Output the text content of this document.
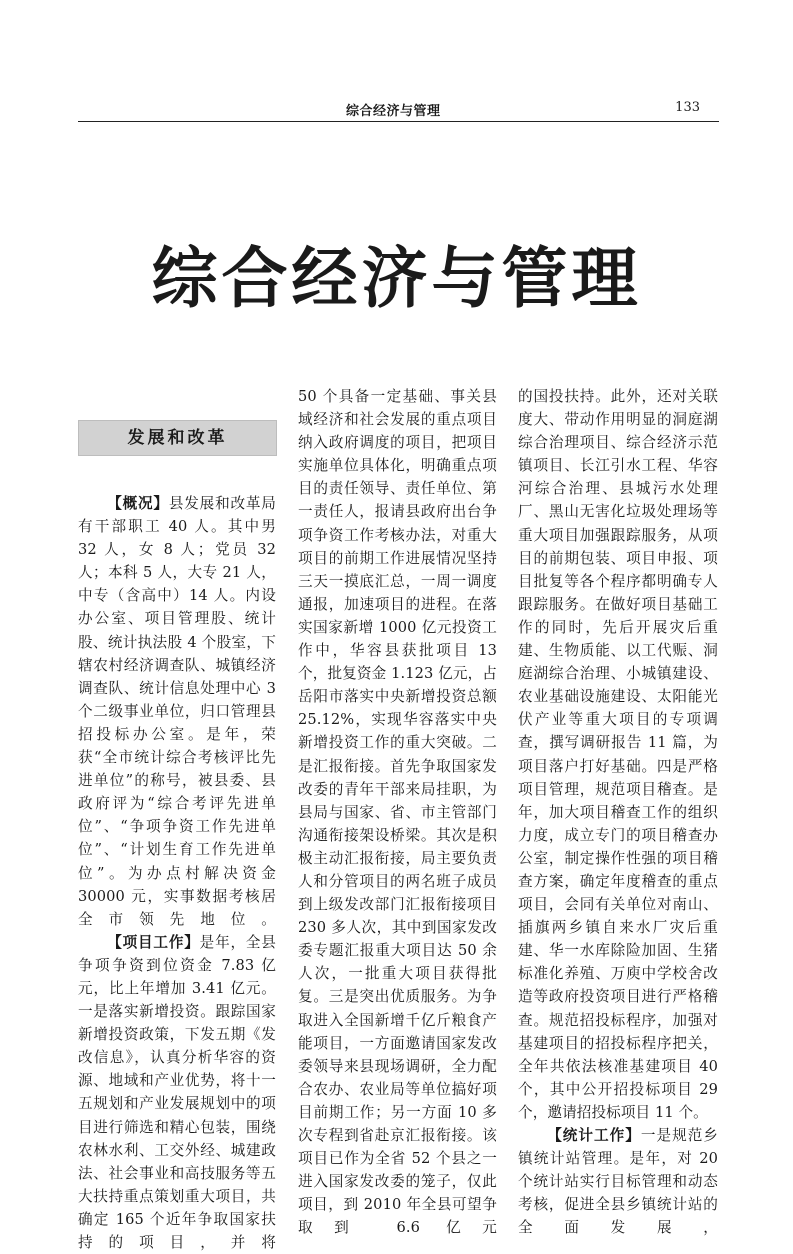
综合经济与管理	133
综合经济与管理
发展和改革

【概况】县发展和改革局有干部职工 40 人。其中男 32 人，女 8 人；党员 32 人；本科 5 人，大专 21 人，中专（含高中）14 人。内设办公室、项目管理股、统计股、统计执法股 4 个股室，下辖农村经济调查队、城镇经济调查队、统计信息处理中心 3 个二级事业单位，归口管理县招投标办公室。是年，荣获“全市统计综合考核评比先进单位”的称号，被县委、县政府评为“综合考评先进单位”、“争项争资工作先进单位”、“计划生育工作先进单位”。为办点村解决资金 30000 元，实事数据考核居全市领先地位。

【项目工作】是年，全县争项争资到位资金 7.83 亿元，比上年增加 3.41 亿元。一是落实新增投资。跟踪国家新增投资政策，下发五期《发改信息》，认真分析华容的资源、地域和产业优势，将十一五规划和产业发展规划中的项目进行筛选和精心包装，围绕农林水利、工交外经、城建政法、社会事业和高技服务等五大扶持重点策划重大项目，共确定 165 个近年争取国家扶持的项目，并将

50 个具备一定基础、事关县域经济和社会发展的重点项目纳入政府调度的项目，把项目实施单位具体化，明确重点项目的责任领导、责任单位、第一责任人，报请县政府出台争项争资工作考核办法，对重大项目的前期工作进展情况坚持三天一摸底汇总，一周一调度通报，加速项目的进程。在落实国家新增 1000 亿元投资工作中，华容县获批项目 13 个，批复资金 1.123 亿元，占岳阳市落实中央新增投资总额 25.12%，实现华容落实中央新增投资工作的重大突破。二是汇报衔接。首先争取国家发改委的青年干部来局挂职，为县局与国家、省、市主管部门沟通衔接架设桥梁。其次是积极主动汇报衔接，局主要负责人和分管项目的两名班子成员到上级发改部门汇报衔接项目 230 多人次，其中到国家发改委专题汇报重大项目达 50 余人次，一批重大项目获得批复。三是突出优质服务。为争取进入全国新增千亿斤粮食产能项目，一方面邀请国家发改委领导来县现场调研，全力配合农办、农业局等单位搞好项目前期工作；另一方面 10 多次专程到省赴京汇报衔接。该项目已作为全省 52 个县之一进入国家发改委的笼子，仅此项目，到 2010 年全县可望争取到 6.6 亿元

的国投扶持。此外，还对关联度大、带动作用明显的洞庭湖综合治理项目、综合经济示范镇项目、长江引水工程、华容河综合治理、县城污水处理厂、黑山无害化垃圾处理场等重大项目加强跟踪服务，从项目的前期包装、项目申报、项目批复等各个程序都明确专人跟踪服务。在做好项目基础工作的同时，先后开展灾后重建、生物质能、以工代赈、洞庭湖综合治理、小城镇建设、农业基础设施建设、太阳能光伏产业等重大项目的专项调查，撰写调研报告 11 篇，为项目落户打好基础。四是严格项目管理，规范项目稽查。是年，加大项目稽查工作的组织力度，成立专门的项目稽查办公室，制定操作性强的项目稽查方案，确定年度稽查的重点项目，会同有关单位对南山、插旗两乡镇自来水厂灾后重建、华一水库除险加固、生猪标准化养殖、万庾中学校舍改造等政府投资项目进行严格稽查。规范招投标程序，加强对基建项目的招投标程序把关，全年共依法核准基建项目 40 个，其中公开招投标项目 29 个，邀请招投标项目 11 个。

【统计工作】一是规范乡镇统计站管理。是年，对 20 个统计站实行目标管理和动态考核，促进全县乡镇统计站的全面发展，
